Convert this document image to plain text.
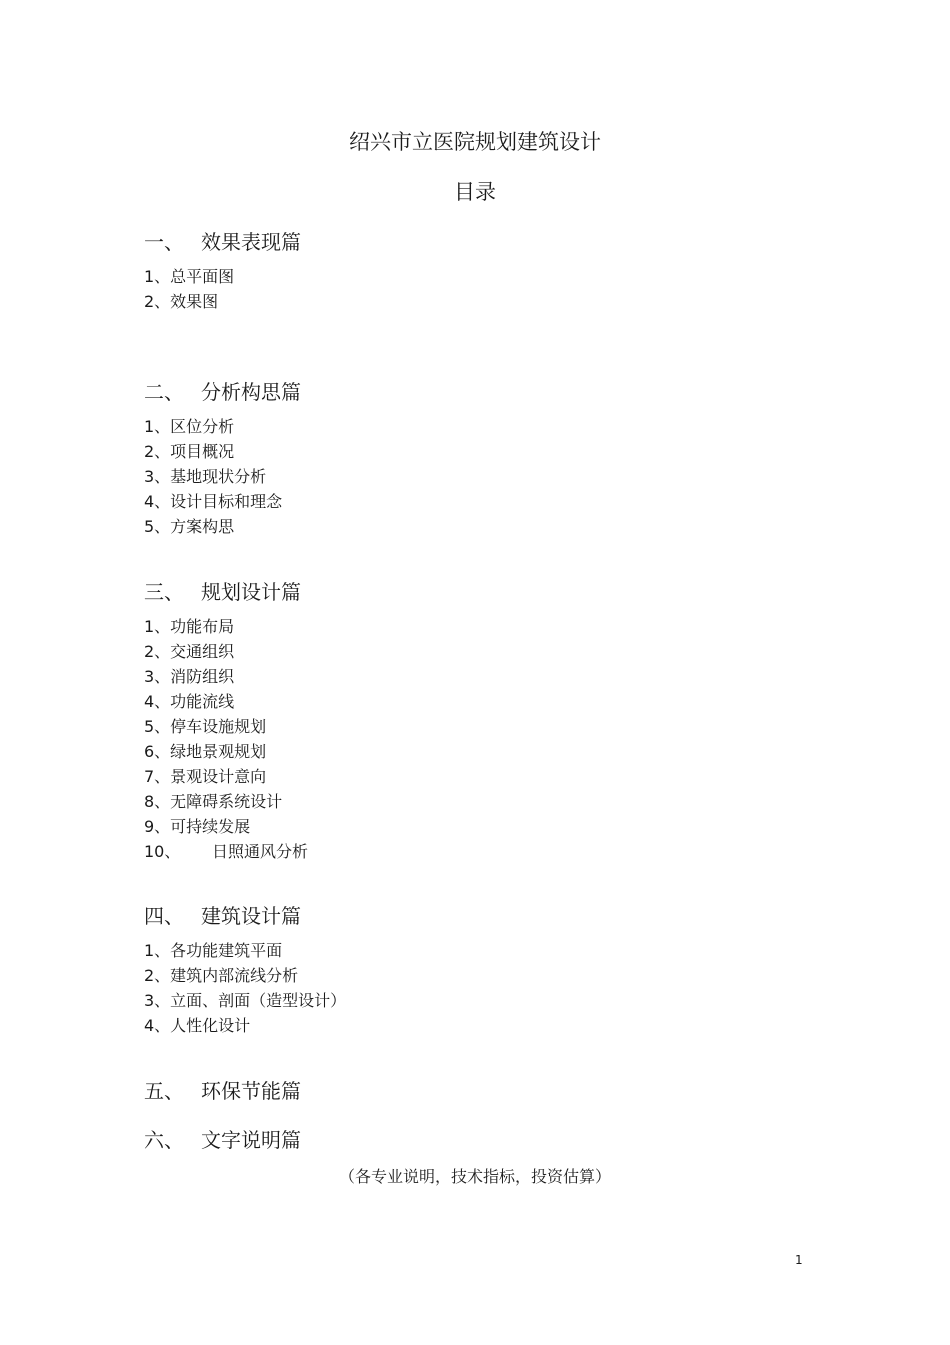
绍兴市立医院规划建筑设计
目录
一、 效果表现篇
1、总平面图
2、效果图
二、 分析构思篇
1、区位分析
2、项目概况
3、基地现状分析
4、设计目标和理念
5、方案构思
三、 规划设计篇
1、功能布局
2、交通组织
3、消防组织
4、功能流线
5、停车设施规划
6、绿地景观规划
7、景观设计意向
8、无障碍系统设计
9、可持续发展
10、 日照通风分析
四、 建筑设计篇
1、各功能建筑平面
2、建筑内部流线分析
3、立面、剖面（造型设计）
4、人性化设计
五、 环保节能篇
六、 文字说明篇
（各专业说明，技术指标，投资估算）
1
